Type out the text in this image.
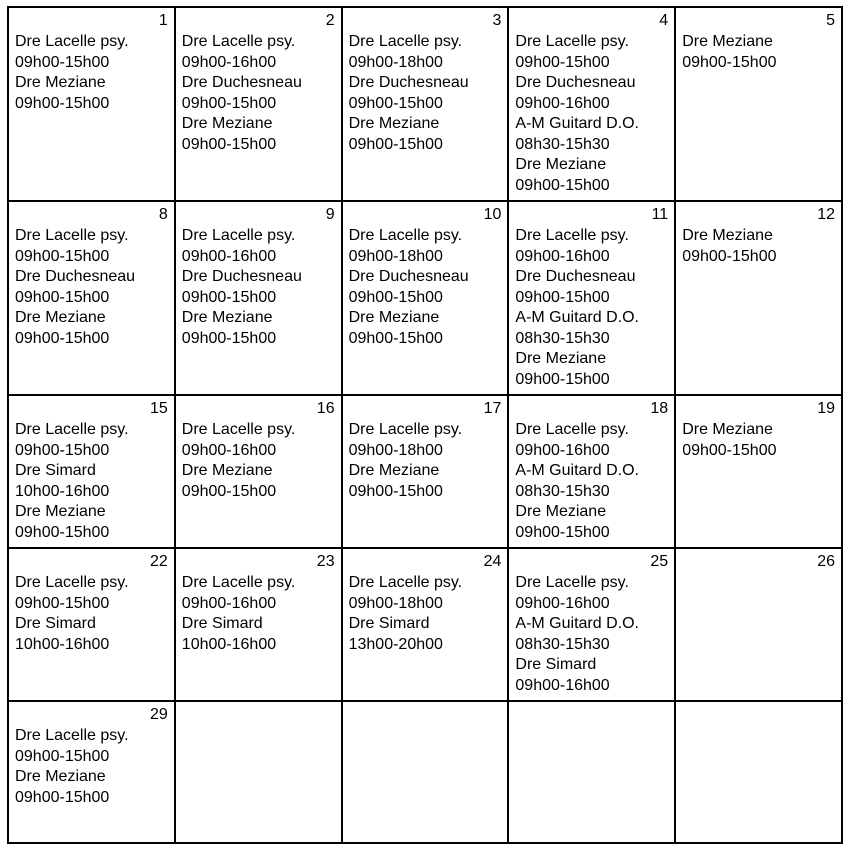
1
Dre Lacelle psy.
09h00-15h00
Dre Meziane
09h00-15h00

2
Dre Lacelle psy.
09h00-16h00
Dre Duchesneau
09h00-15h00
Dre Meziane
09h00-15h00

3
Dre Lacelle psy.
09h00-18h00
Dre Duchesneau
09h00-15h00
Dre Meziane
09h00-15h00

4
Dre Lacelle psy.
09h00-15h00
Dre Duchesneau
09h00-16h00
A-M Guitard D.O.
08h30-15h30
Dre Meziane
09h00-15h00

5
Dre Meziane
09h00-15h00

8
Dre Lacelle psy.
09h00-15h00
Dre Duchesneau
09h00-15h00
Dre Meziane
09h00-15h00

9
Dre Lacelle psy.
09h00-16h00
Dre Duchesneau
09h00-15h00
Dre Meziane
09h00-15h00

10
Dre Lacelle psy.
09h00-18h00
Dre Duchesneau
09h00-15h00
Dre Meziane
09h00-15h00

11
Dre Lacelle psy.
09h00-16h00
Dre Duchesneau
09h00-15h00
A-M Guitard D.O.
08h30-15h30
Dre Meziane
09h00-15h00

12
Dre Meziane
09h00-15h00

15
Dre Lacelle psy.
09h00-15h00
Dre Simard
10h00-16h00
Dre Meziane
09h00-15h00

16
Dre Lacelle psy.
09h00-16h00
Dre Meziane
09h00-15h00

17
Dre Lacelle psy.
09h00-18h00
Dre Meziane
09h00-15h00

18
Dre Lacelle psy.
09h00-16h00
A-M Guitard D.O.
08h30-15h30
Dre Meziane
09h00-15h00

19
Dre Meziane
09h00-15h00

22
Dre Lacelle psy.
09h00-15h00
Dre Simard
10h00-16h00

23
Dre Lacelle psy.
09h00-16h00
Dre Simard
10h00-16h00

24
Dre Lacelle psy.
09h00-18h00
Dre Simard
13h00-20h00

25
Dre Lacelle psy.
09h00-16h00
A-M Guitard D.O.
08h30-15h30
Dre Simard
09h00-16h00

26

29
Dre Lacelle psy.
09h00-15h00
Dre Meziane
09h00-15h00				
